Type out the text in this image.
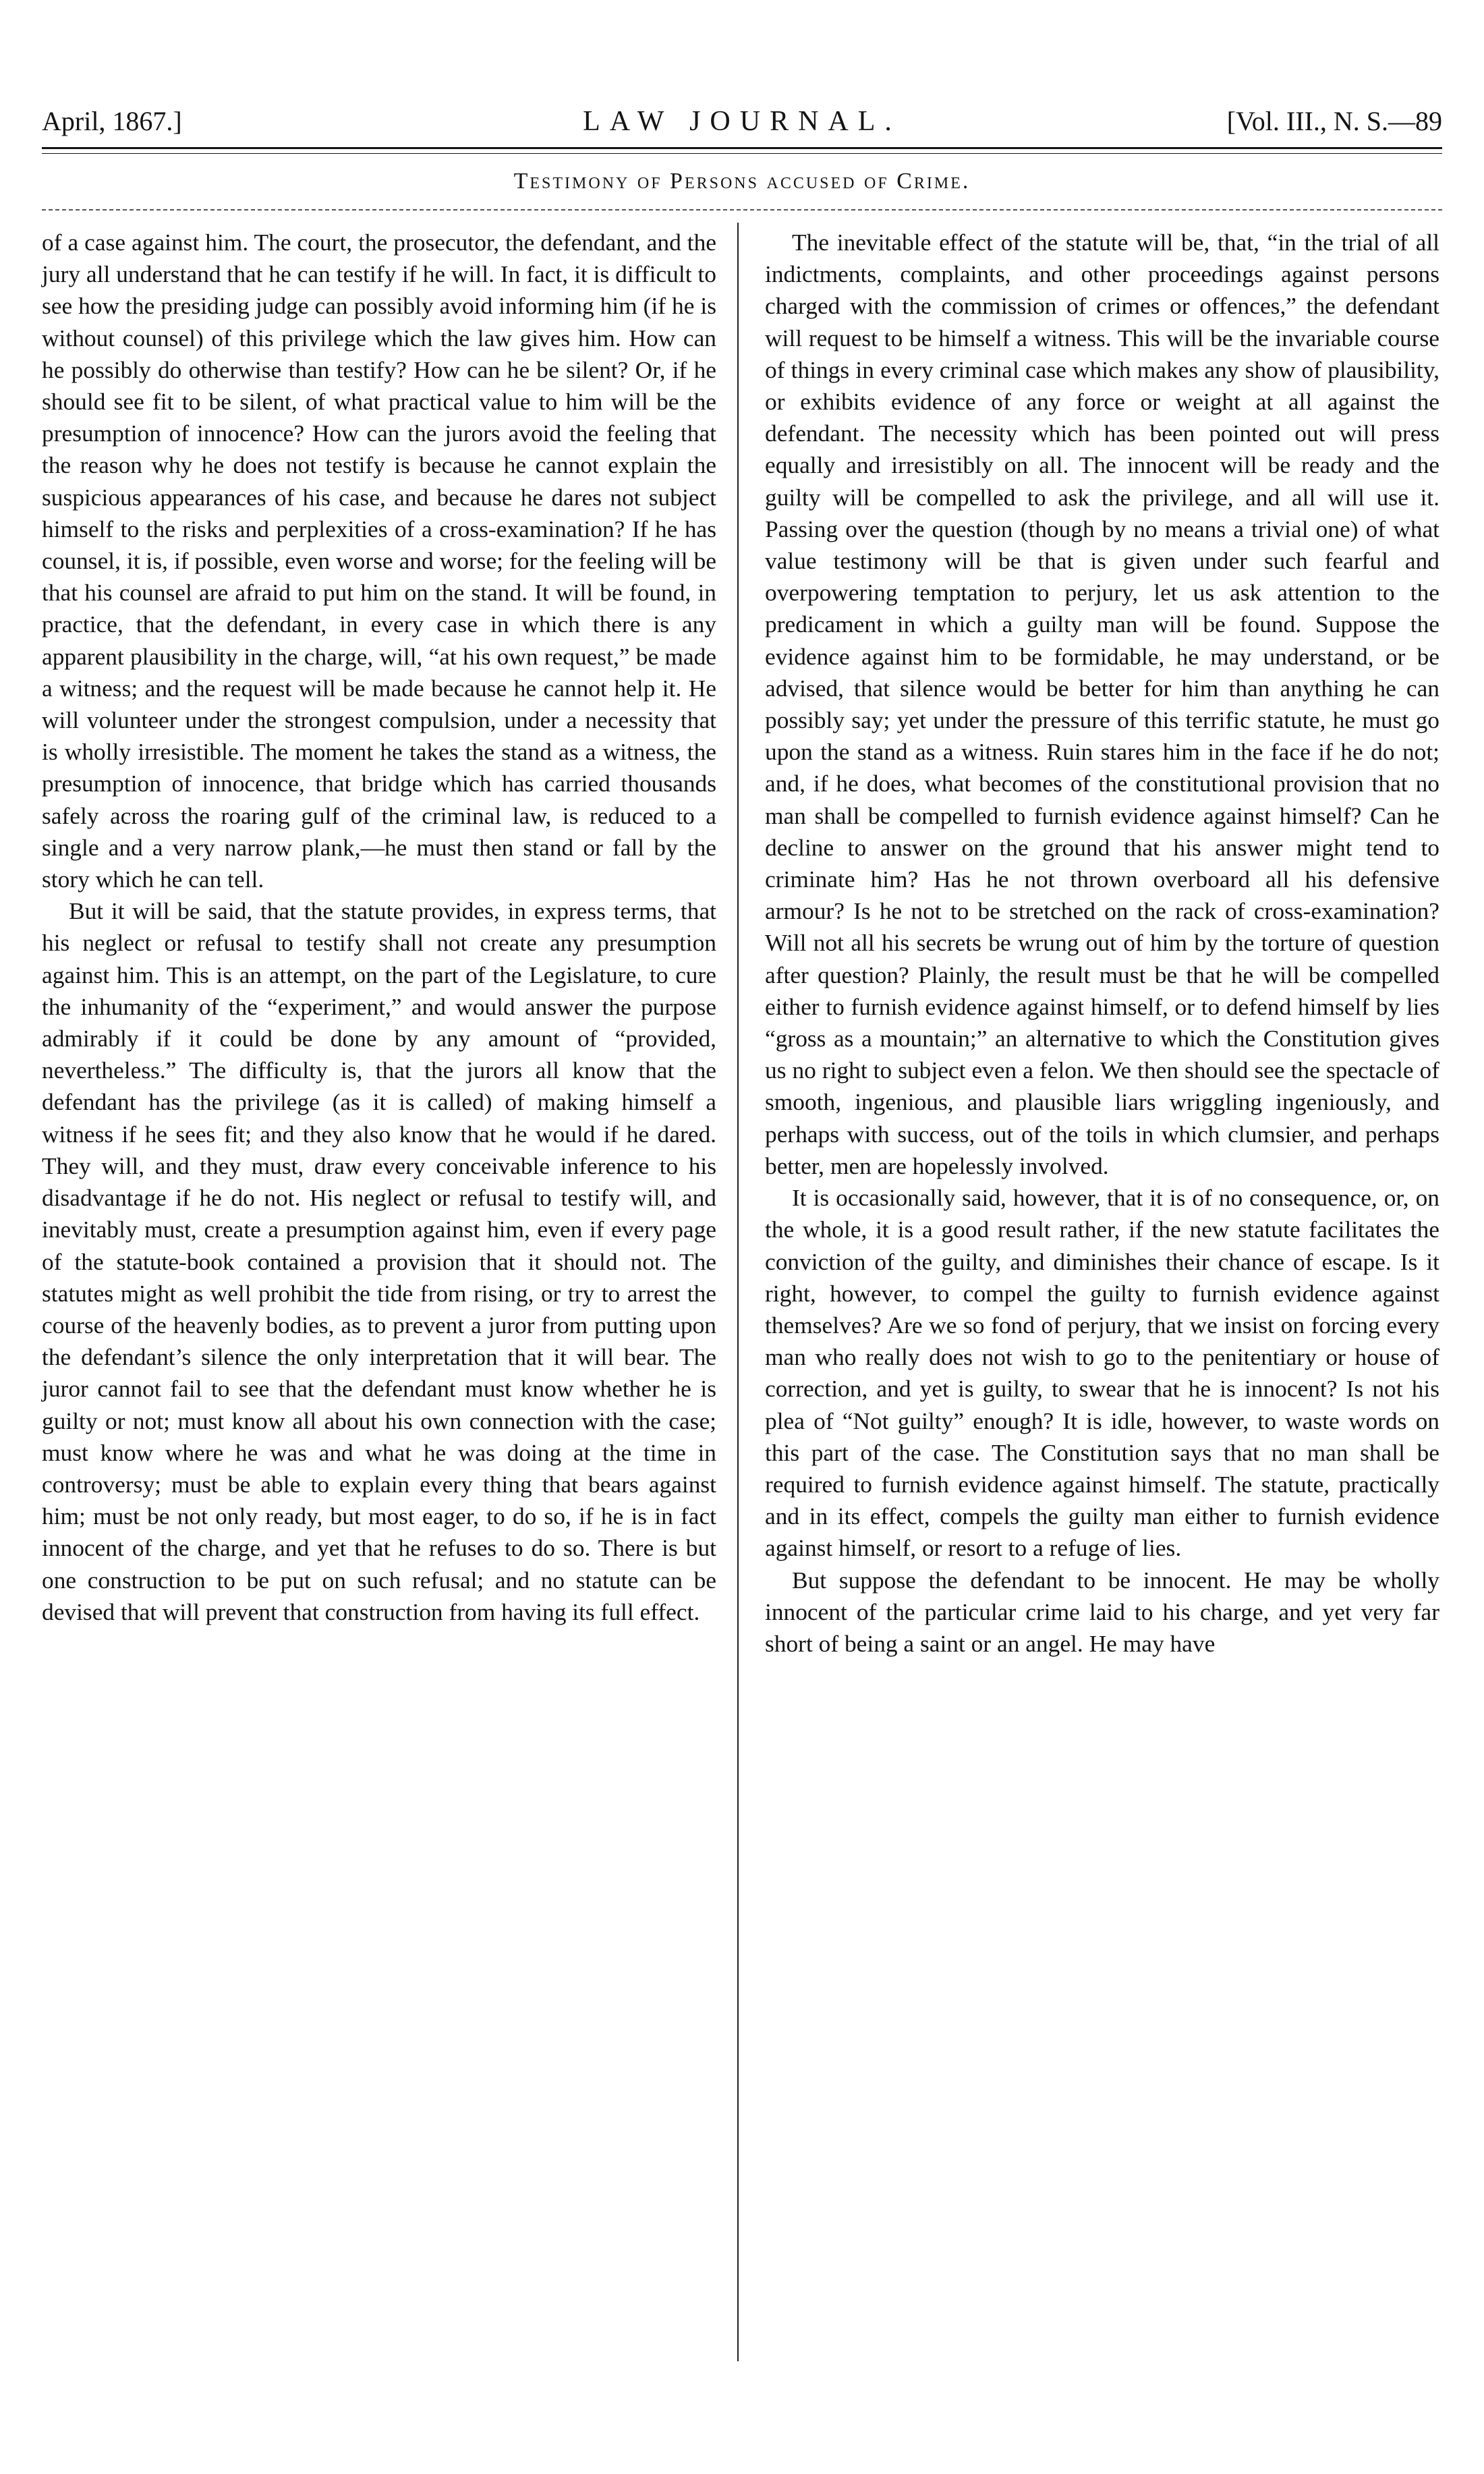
April, 1867.]	LAW JOURNAL.	[Vol. III., N. S.—89
Testimony of Persons accused of Crime.

of a case against him. The court, the prosecutor, the defendant, and the jury all understand that he can testify if he will. In fact, it is difficult to see how the presiding judge can possibly avoid informing him (if he is without counsel) of this privilege which the law gives him. How can he possibly do otherwise than testify? How can he be silent? Or, if he should see fit to be silent, of what practical value to him will be the presumption of innocence? How can the jurors avoid the feeling that the reason why he does not testify is because he cannot explain the suspicious appearances of his case, and because he dares not subject himself to the risks and perplexities of a cross-examination? If he has counsel, it is, if possible, even worse and worse; for the feeling will be that his counsel are afraid to put him on the stand. It will be found, in practice, that the defendant, in every case in which there is any apparent plausibility in the charge, will, “at his own request,” be made a witness; and the request will be made because he cannot help it. He will volunteer under the strongest compulsion, under a necessity that is wholly irresistible. The moment he takes the stand as a witness, the presumption of innocence, that bridge which has carried thousands safely across the roaring gulf of the criminal law, is reduced to a single and a very narrow plank,—he must then stand or fall by the story which he can tell.

But it will be said, that the statute provides, in express terms, that his neglect or refusal to testify shall not create any presumption against him. This is an attempt, on the part of the Legislature, to cure the inhumanity of the “experiment,” and would answer the purpose admirably if it could be done by any amount of “provided, nevertheless.” The difficulty is, that the jurors all know that the defendant has the privilege (as it is called) of making himself a witness if he sees fit; and they also know that he would if he dared. They will, and they must, draw every conceivable inference to his disadvantage if he do not. His neglect or refusal to testify will, and inevitably must, create a presumption against him, even if every page of the statute-book contained a provision that it should not. The statutes might as well prohibit the tide from rising, or try to arrest the course of the heavenly bodies, as to prevent a juror from putting upon the defendant’s silence the only interpretation that it will bear. The juror cannot fail to see that the defendant must know whether he is guilty or not; must know all about his own connection with the case; must know where he was and what he was doing at the time in controversy; must be able to explain every thing that bears against him; must be not only ready, but most eager, to do so, if he is in fact innocent of the charge, and yet that he refuses to do so. There is but one construction to be put on such refusal; and no statute can be devised that will prevent that construction from having its full effect.

The inevitable effect of the statute will be, that, “in the trial of all indictments, complaints, and other proceedings against persons charged with the commission of crimes or offences,” the defendant will request to be himself a witness. This will be the invariable course of things in every criminal case which makes any show of plausibility, or exhibits evidence of any force or weight at all against the defendant. The necessity which has been pointed out will press equally and irresistibly on all. The innocent will be ready and the guilty will be compelled to ask the privilege, and all will use it. Passing over the question (though by no means a trivial one) of what value testimony will be that is given under such fearful and overpowering temptation to perjury, let us ask attention to the predicament in which a guilty man will be found. Suppose the evidence against him to be formidable, he may understand, or be advised, that silence would be better for him than anything he can possibly say; yet under the pressure of this terrific statute, he must go upon the stand as a witness. Ruin stares him in the face if he do not; and, if he does, what becomes of the constitutional provision that no man shall be compelled to furnish evidence against himself? Can he decline to answer on the ground that his answer might tend to criminate him? Has he not thrown overboard all his defensive armour? Is he not to be stretched on the rack of cross-examination? Will not all his secrets be wrung out of him by the torture of question after question? Plainly, the result must be that he will be compelled either to furnish evidence against himself, or to defend himself by lies “gross as a mountain;” an alternative to which the Constitution gives us no right to subject even a felon. We then should see the spectacle of smooth, ingenious, and plausible liars wriggling ingeniously, and perhaps with success, out of the toils in which clumsier, and perhaps better, men are hopelessly involved.

It is occasionally said, however, that it is of no consequence, or, on the whole, it is a good result rather, if the new statute facilitates the conviction of the guilty, and diminishes their chance of escape. Is it right, however, to compel the guilty to furnish evidence against themselves? Are we so fond of perjury, that we insist on forcing every man who really does not wish to go to the penitentiary or house of correction, and yet is guilty, to swear that he is innocent? Is not his plea of “Not guilty” enough? It is idle, however, to waste words on this part of the case. The Constitution says that no man shall be required to furnish evidence against himself. The statute, practically and in its effect, compels the guilty man either to furnish evidence against himself, or resort to a refuge of lies.

But suppose the defendant to be innocent. He may be wholly innocent of the particular crime laid to his charge, and yet very far short of being a saint or an angel. He may have
